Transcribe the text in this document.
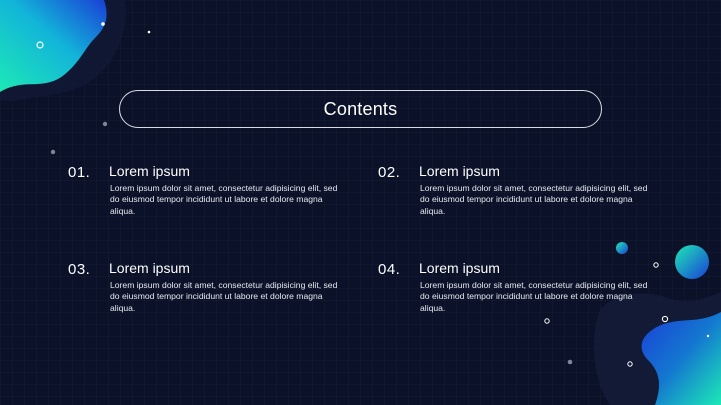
Contents
01. Lorem ipsum
Lorem ipsum dolor sit amet, consectetur adipisicing elit, sed do eiusmod tempor incididunt ut labore et dolore magna aliqua.
02. Lorem ipsum
Lorem ipsum dolor sit amet, consectetur adipisicing elit, sed do eiusmod tempor incididunt ut labore et dolore magna aliqua.
03. Lorem ipsum
Lorem ipsum dolor sit amet, consectetur adipisicing elit, sed do eiusmod tempor incididunt ut labore et dolore magna aliqua.
04. Lorem ipsum
Lorem ipsum dolor sit amet, consectetur adipisicing elit, sed do eiusmod tempor incididunt ut labore et dolore magna aliqua.
